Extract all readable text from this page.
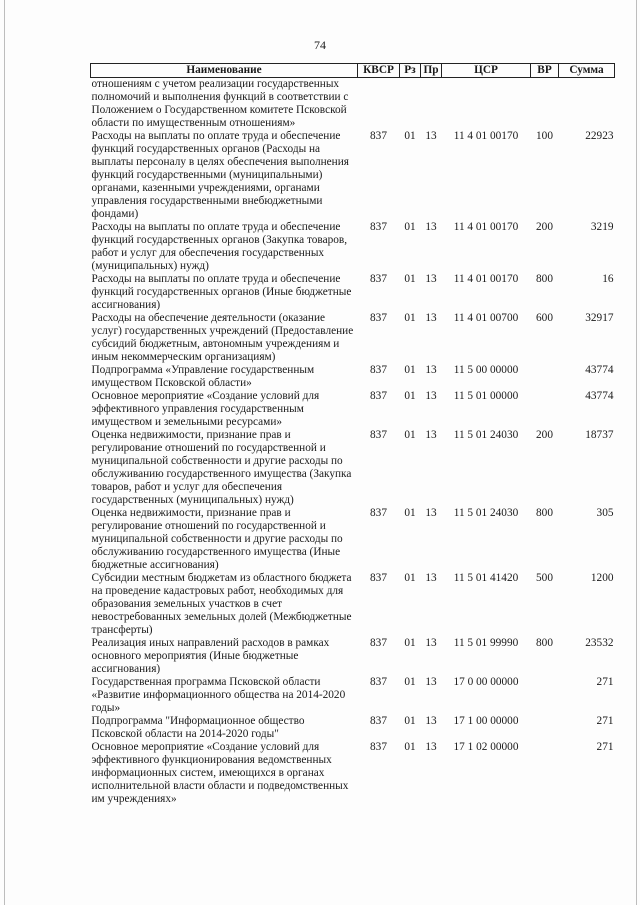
74
Наименование	КВСР	Рз	Пр	ЦСР	ВР	Сумма
отношениям с учетом реализации государственных полномочий и выполнения функций в соответствии с Положением о Государственном комитете Псковской области по имущественным отношениям»						
Расходы на выплаты по оплате труда и обеспечение функций государственных органов (Расходы на выплаты персоналу в целях обеспечения выполнения функций государственными (муниципальными) органами, казенными учреждениями, органами управления государственными внебюджетными фондами)	837	01	13	11 4 01 00170	100	22923
Расходы на выплаты по оплате труда и обеспечение функций государственных органов (Закупка товаров, работ и услуг для обеспечения государственных (муниципальных) нужд)	837	01	13	11 4 01 00170	200	3219
Расходы на выплаты по оплате труда и обеспечение функций государственных органов (Иные бюджетные ассигнования)	837	01	13	11 4 01 00170	800	16
Расходы на обеспечение деятельности (оказание услуг) государственных учреждений (Предоставление субсидий бюджетным, автономным учреждениям и иным некоммерческим организациям)	837	01	13	11 4 01 00700	600	32917
Подпрограмма «Управление государственным имуществом Псковской области»	837	01	13	11 5 00 00000		43774
Основное мероприятие «Создание условий для эффективного управления государственным имуществом и земельными ресурсами»	837	01	13	11 5 01 00000		43774
Оценка недвижимости, признание прав и регулирование отношений по государственной и муниципальной собственности и другие расходы по обслуживанию государственного имущества (Закупка товаров, работ и услуг для обеспечения государственных (муниципальных) нужд)	837	01	13	11 5 01 24030	200	18737
Оценка недвижимости, признание прав и регулирование отношений по государственной и муниципальной собственности и другие расходы по обслуживанию государственного имущества (Иные бюджетные ассигнования)	837	01	13	11 5 01 24030	800	305
Субсидии местным бюджетам из областного бюджета на проведение кадастровых работ, необходимых для образования земельных участков в счет невостребованных земельных долей (Межбюджетные трансферты)	837	01	13	11 5 01 41420	500	1200
Реализация иных направлений расходов в рамках основного мероприятия (Иные бюджетные ассигнования)	837	01	13	11 5 01 99990	800	23532
Государственная программа Псковской области «Развитие информационного общества на 2014-2020 годы»	837	01	13	17 0 00 00000		271
Подпрограмма "Информационное общество Псковской области на 2014-2020 годы"	837	01	13	17 1 00 00000		271
Основное мероприятие «Создание условий для эффективного функционирования ведомственных информационных систем, имеющихся в органах исполнительной власти области и подведомственных им учреждениях»	837	01	13	17 1 02 00000		271
